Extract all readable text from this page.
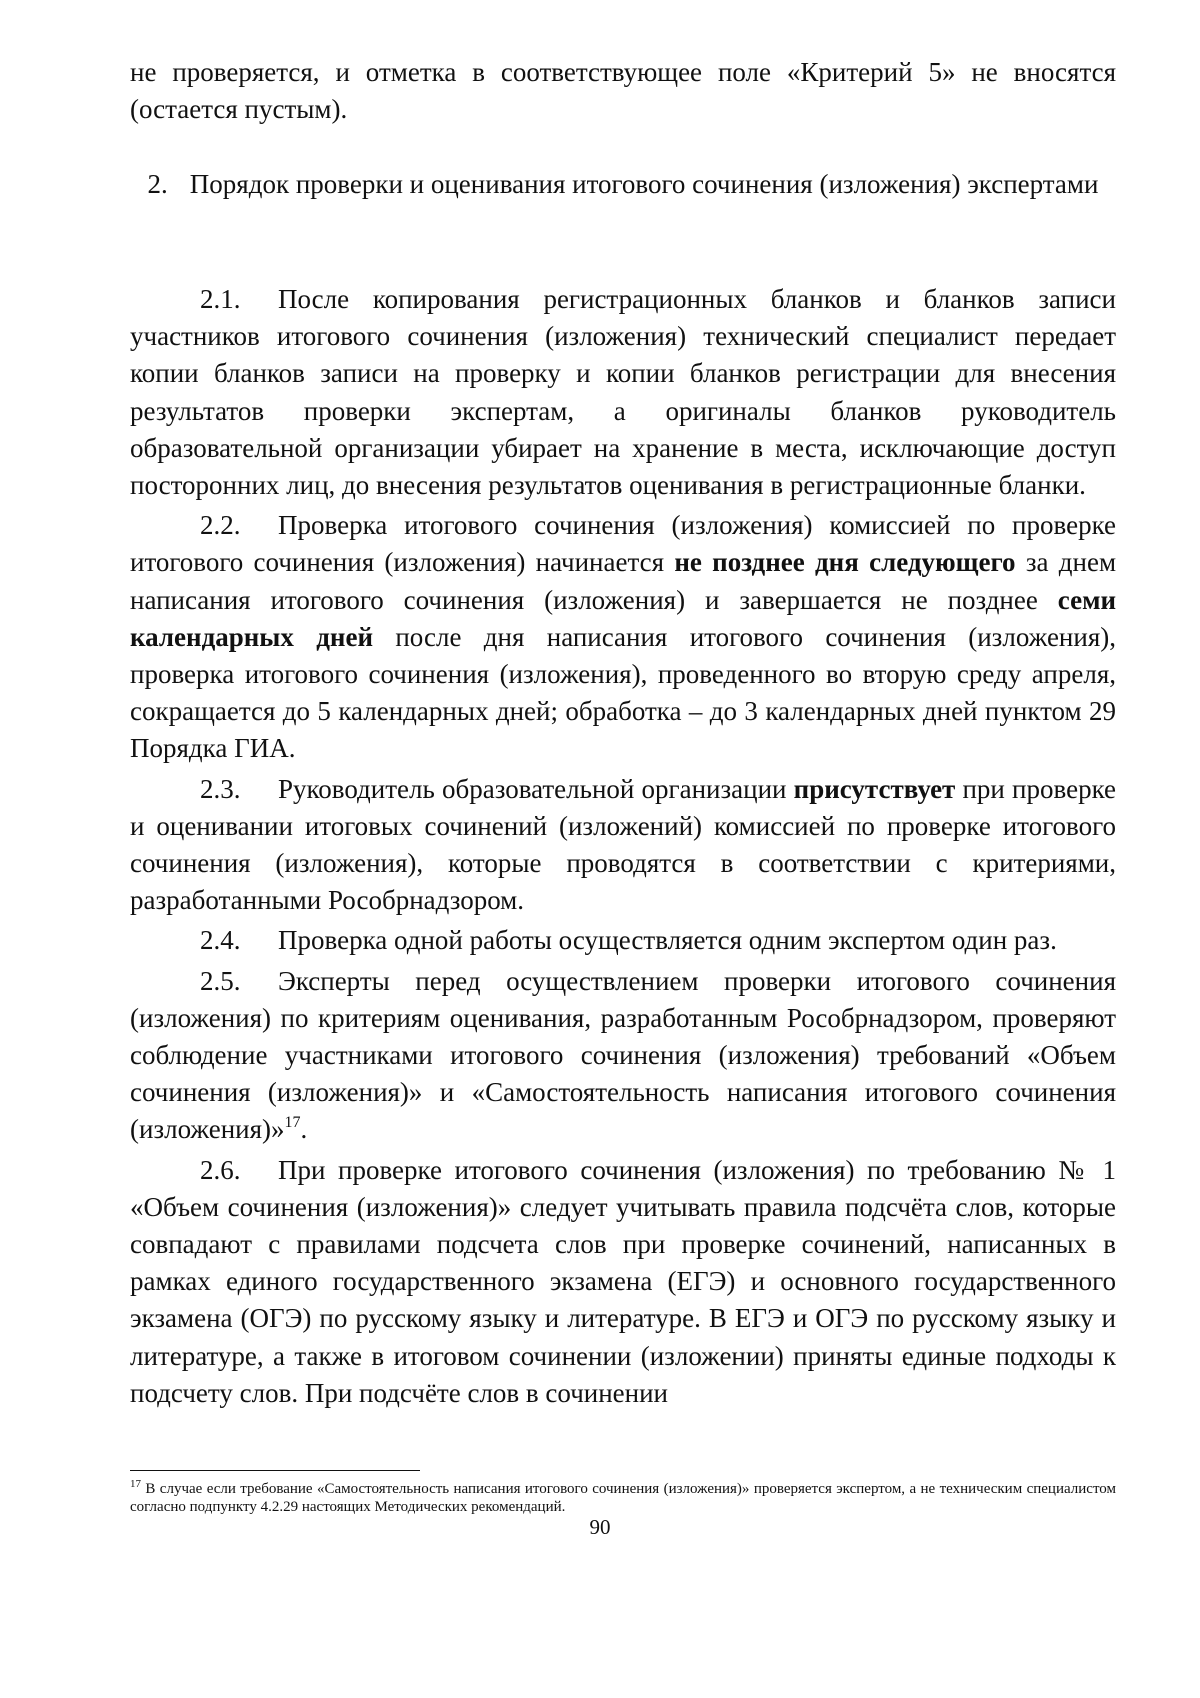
не проверяется, и отметка в соответствующее поле «Критерий 5» не вносятся (остается пустым).

2. Порядок проверки и оценивания итогового сочинения (изложения) экспертами

2.1. После копирования регистрационных бланков и бланков записи участников итогового сочинения (изложения) технический специалист передает копии бланков записи на проверку и копии бланков регистрации для внесения результатов проверки экспертам, а оригиналы бланков руководитель образовательной организации убирает на хранение в места, исключающие доступ посторонних лиц, до внесения результатов оценивания в регистрационные бланки.

2.2. Проверка итогового сочинения (изложения) комиссией по проверке итогового сочинения (изложения) начинается не позднее дня следующего за днем написания итогового сочинения (изложения) и завершается не позднее семи календарных дней после дня написания итогового сочинения (изложения), проверка итогового сочинения (изложения), проведенного во вторую среду апреля, сокращается до 5 календарных дней; обработка – до 3 календарных дней пунктом 29 Порядка ГИА.

2.3. Руководитель образовательной организации присутствует при проверке и оценивании итоговых сочинений (изложений) комиссией по проверке итогового сочинения (изложения), которые проводятся в соответствии с критериями, разработанными Рособрнадзором.

2.4. Проверка одной работы осуществляется одним экспертом один раз.

2.5. Эксперты перед осуществлением проверки итогового сочинения (изложения) по критериям оценивания, разработанным Рособрнадзором, проверяют соблюдение участниками итогового сочинения (изложения) требований «Объем сочинения (изложения)» и «Самостоятельность написания итогового сочинения (изложения)»$^{17}$.

2.6. При проверке итогового сочинения (изложения) по требованию № 1 «Объем сочинения (изложения)» следует учитывать правила подсчёта слов, которые совпадают с правилами подсчета слов при проверке сочинений, написанных в рамках единого государственного экзамена (ЕГЭ) и основного государственного экзамена (ОГЭ) по русскому языку и литературе. В ЕГЭ и ОГЭ по русскому языку и литературе, а также в итоговом сочинении (изложении) приняты единые подходы к подсчету слов. При подсчёте слов в сочинении

$^{17}$ В случае если требование «Самостоятельность написания итогового сочинения (изложения)» проверяется экспертом, а не техническим специалистом согласно подпункту 4.2.29 настоящих Методических рекомендаций.
90
